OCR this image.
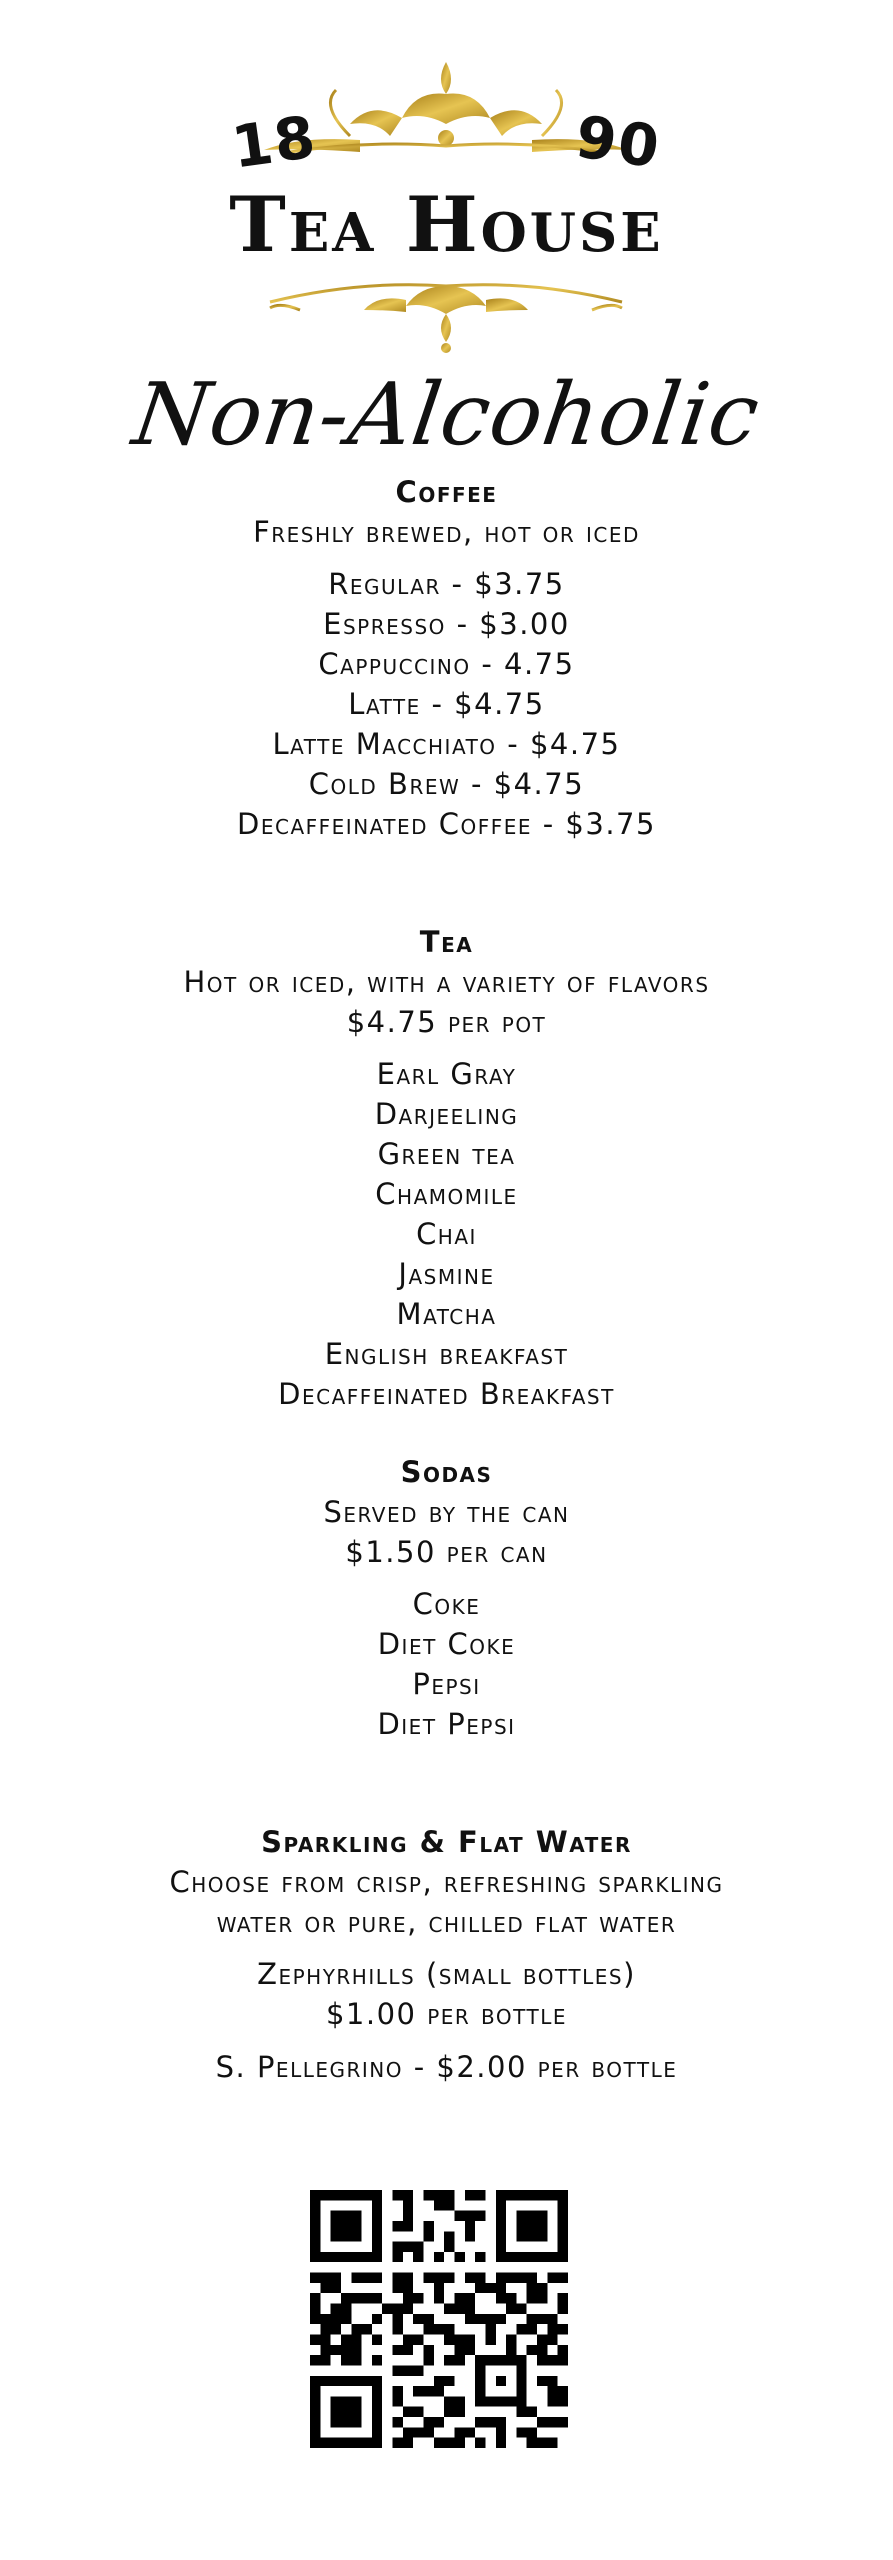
18	90
Tea House
Non-Alcoholic
Coffee
Freshly brewed, hot or iced
Regular - $3.75
Espresso - $3.00
Cappuccino - 4.75
Latte - $4.75
Latte Macchiato - $4.75
Cold Brew - $4.75
Decaffeinated Coffee - $3.75
Tea
Hot or iced, with a variety of flavors
$4.75 per pot
Earl Gray
Darjeeling
Green tea
Chamomile
Chai
Jasmine
Matcha
English breakfast
Decaffeinated Breakfast
Sodas
Served by the can
$1.50 per can
Coke
Diet Coke
Pepsi
Diet Pepsi
Sparkling & Flat Water
Choose from crisp, refreshing sparkling
water or pure, chilled flat water
Zephyrhills (small bottles)
$1.00 per bottle
S. Pellegrino - $2.00 per bottle
